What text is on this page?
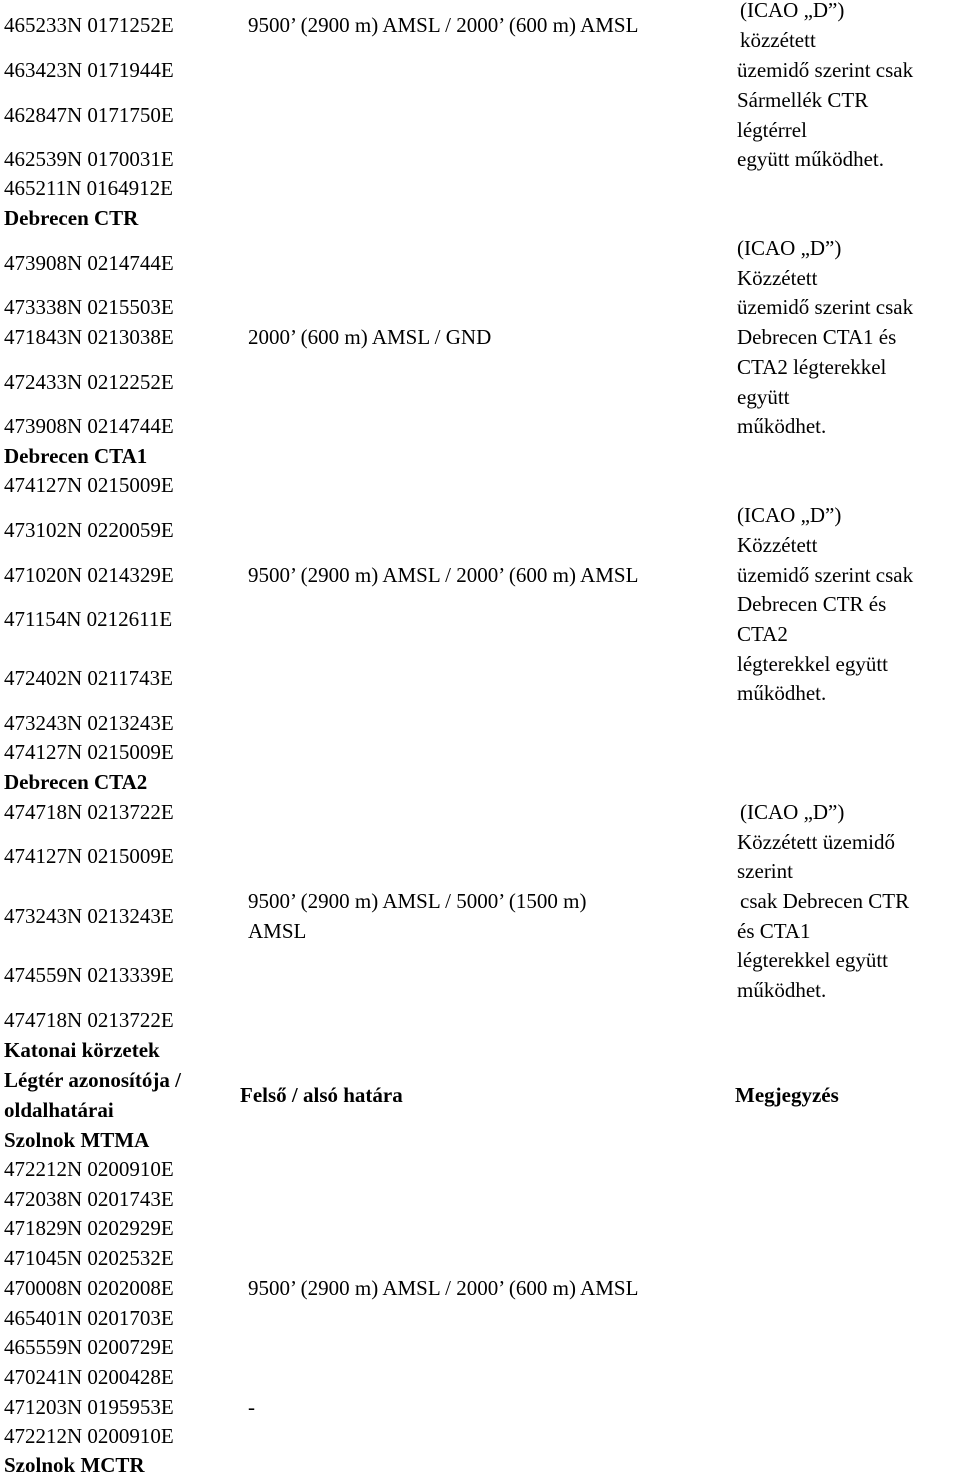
465233N 0171252E
463423N 0171944E
462847N 0171750E
462539N 0170031E
465211N 0164912E
9500’ (2900 m) AMSL / 2000’ (600 m) AMSL
(ICAO „D”)
közzétett
üzemidő szerint csak
Sármellék CTR
légtérrel
együtt működhet.
Debrecen CTR
473908N 0214744E
473338N 0215503E
471843N 0213038E
472433N 0212252E
473908N 0214744E
2000’ (600 m) AMSL / GND
(ICAO „D”)
Közzétett
üzemidő szerint csak
Debrecen CTA1 és
CTA2 légterekkel
együtt
működhet.
Debrecen CTA1
474127N 0215009E
473102N 0220059E
471020N 0214329E
471154N 0212611E
472402N 0211743E
473243N 0213243E
474127N 0215009E
9500’ (2900 m) AMSL / 2000’ (600 m) AMSL
(ICAO „D”)
Közzétett
üzemidő szerint csak
Debrecen CTR és
CTA2
légterekkel együtt
működhet.
Debrecen CTA2
474718N 0213722E
474127N 0215009E
473243N 0213243E
474559N 0213339E
474718N 0213722E
9500’ (2900 m) AMSL / 5000’ (1500 m)
AMSL
(ICAO „D”)
Közzétett üzemidő
szerint
csak Debrecen CTR
és CTA1
légterekkel együtt
működhet.
Katonai körzetek
Légtér azonosítója /
oldalhatárai
Felső / alsó határa	Megjegyzés
Szolnok MTMA
472212N 0200910E
472038N 0201743E
471829N 0202929E
471045N 0202532E
470008N 0202008E
465401N 0201703E
465559N 0200729E
470241N 0200428E
471203N 0195953E
472212N 0200910E
9500’ (2900 m) AMSL / 2000’ (600 m) AMSL
-
Szolnok MCTR
